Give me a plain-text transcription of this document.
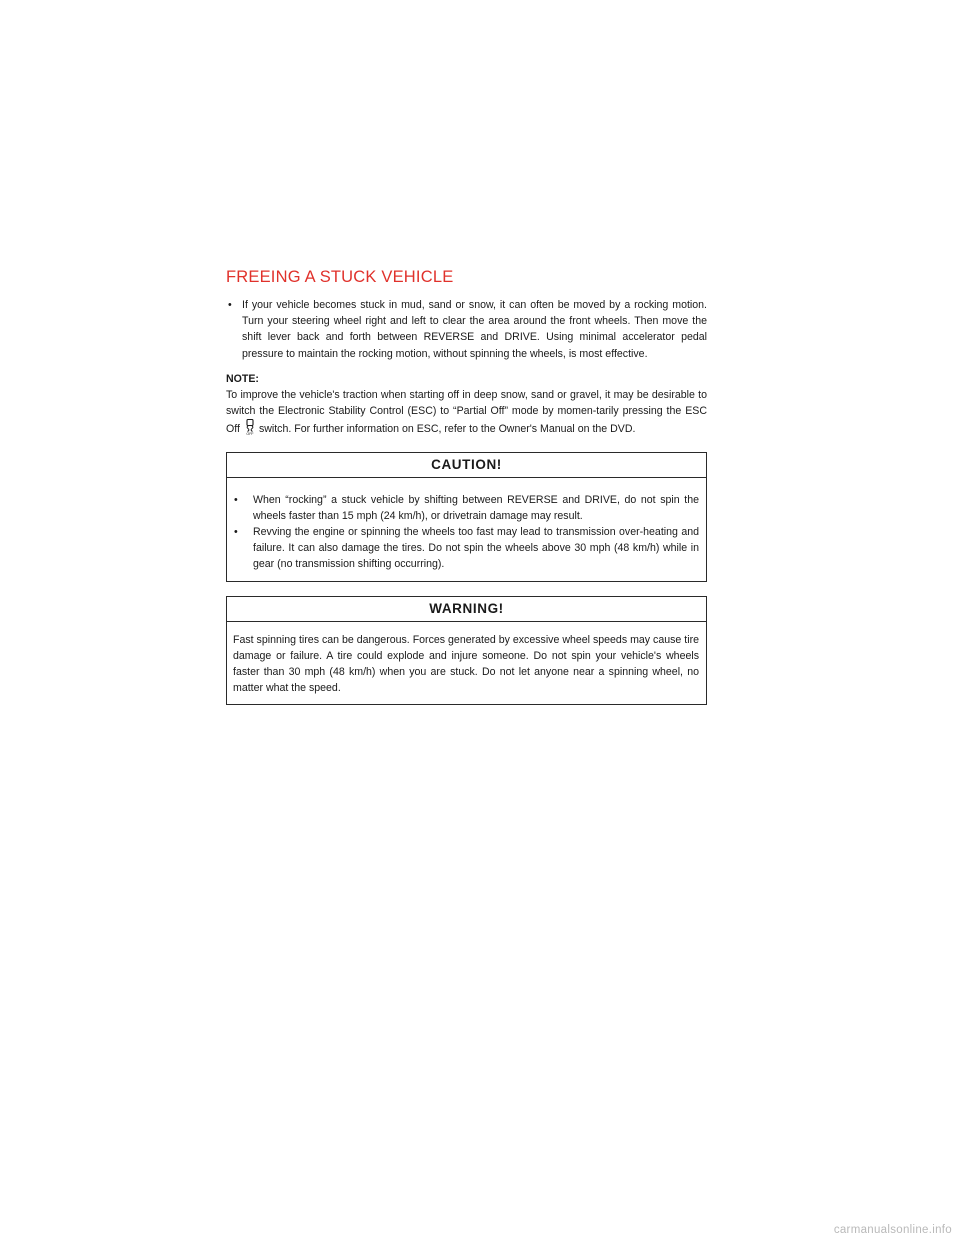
FREEING A STUCK VEHICLE
• If your vehicle becomes stuck in mud, sand or snow, it can often be moved by a rocking motion. Turn your steering wheel right and left to clear the area around the front wheels. Then move the shift lever back and forth between REVERSE and DRIVE. Using minimal accelerator pedal pressure to maintain the rocking motion, without spinning the wheels, is most effective.
NOTE:
To improve the vehicle's traction when starting off in deep snow, sand or gravel, it may be desirable to switch the Electronic Stability Control (ESC) to “Partial Off” mode by momen-tarily pressing the ESC Off OFF switch. For further information on ESC, refer to the Owner's Manual on the DVD.
CAUTION!
• When “rocking” a stuck vehicle by shifting between REVERSE and DRIVE, do not spin the wheels faster than 15 mph (24 km/h), or drivetrain damage may result.
• Revving the engine or spinning the wheels too fast may lead to transmission over-heating and failure. It can also damage the tires. Do not spin the wheels above 30 mph (48 km/h) while in gear (no transmission shifting occurring).
WARNING!
Fast spinning tires can be dangerous. Forces generated by excessive wheel speeds may cause tire damage or failure. A tire could explode and injure someone. Do not spin your vehicle's wheels faster than 30 mph (48 km/h) when you are stuck. Do not let anyone near a spinning wheel, no matter what the speed.
carmanualsonline.info
